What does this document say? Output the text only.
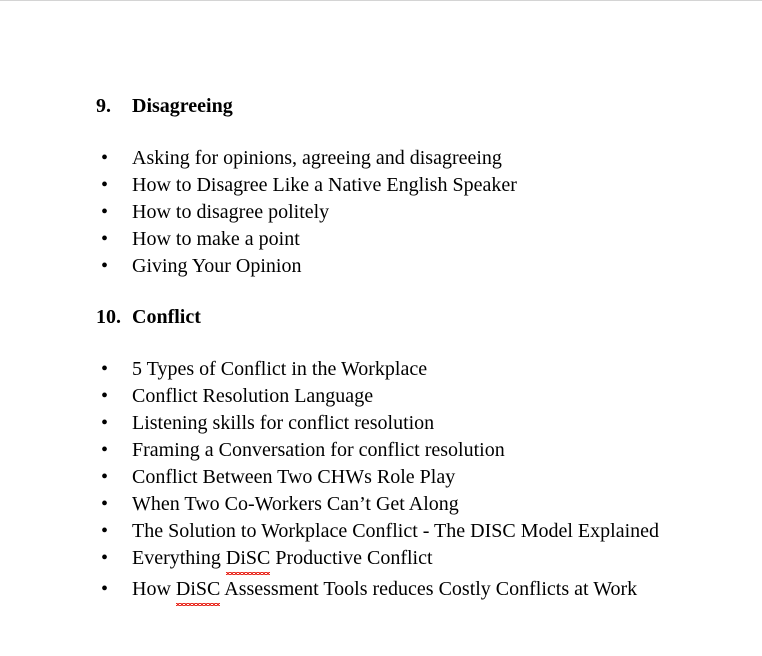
9.	Disagreeing
• Asking for opinions, agreeing and disagreeing
• How to Disagree Like a Native English Speaker
• How to disagree politely
• How to make a point
• Giving Your Opinion
10. Conflict
• 5 Types of Conflict in the Workplace
• Conflict Resolution Language
• Listening skills for conflict resolution
• Framing a Conversation for conflict resolution
• Conflict Between Two CHWs Role Play
• When Two Co-Workers Can’t Get Along
• The Solution to Workplace Conflict - The DISC Model Explained
• Everything DiSC Productive Conflict
• How DiSC Assessment Tools reduces Costly Conflicts at Work
